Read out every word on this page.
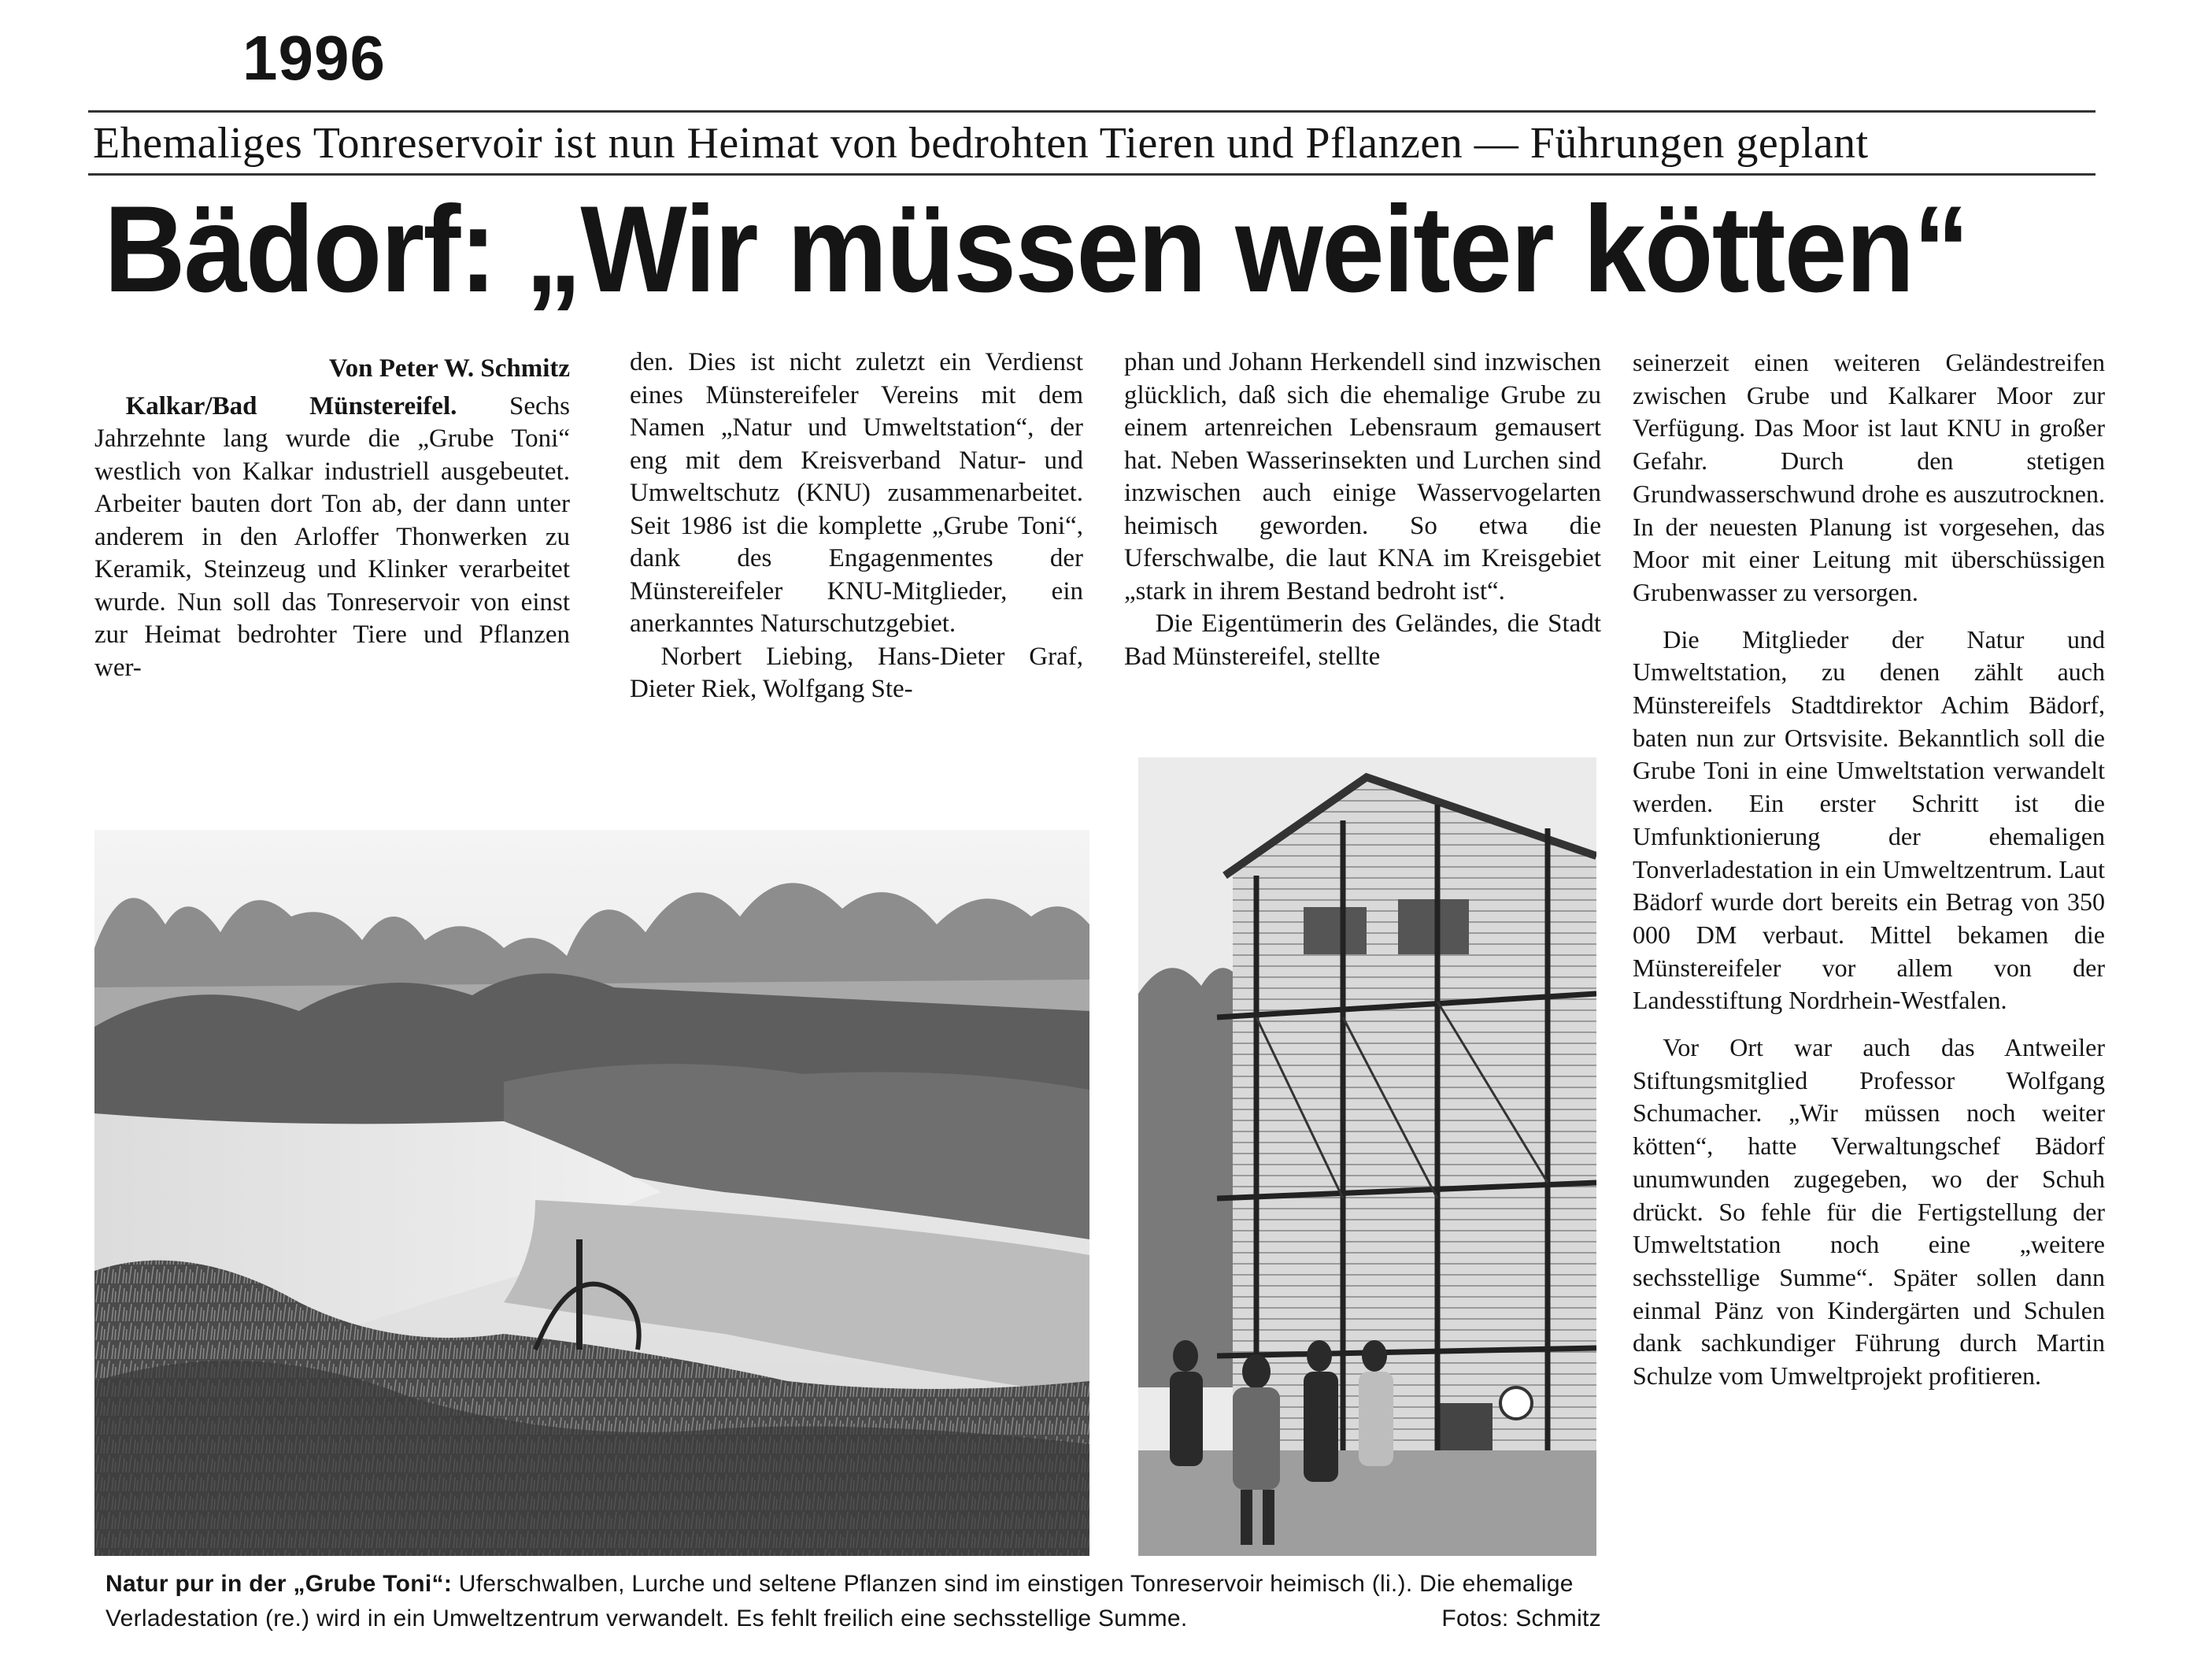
1996
Ehemaliges Tonreservoir ist nun Heimat von bedrohten Tieren und Pflanzen — Führungen geplant
Bädorf: „Wir müssen weiter kötten“
Von Peter W. Schmitz

Kalkar/Bad Münstereifel. Sechs Jahrzehnte lang wurde die „Grube Toni“ westlich von Kalkar industriell ausgebeutet. Arbeiter bauten dort Ton ab, der dann unter anderem in den Arloffer Thonwerken zu Keramik, Steinzeug und Klinker verarbeitet wurde. Nun soll das Tonreservoir von einst zur Heimat bedrohter Tiere und Pflanzen wer-

den. Dies ist nicht zuletzt ein Verdienst eines Münstereifeler Vereins mit dem Namen „Natur und Umweltstation“, der eng mit dem Kreisverband Natur- und Umweltschutz (KNU) zusammenarbeitet. Seit 1986 ist die komplette „Grube Toni“, dank des Engagenmentes der Münstereifeler KNU-Mitglieder, ein anerkanntes Naturschutzgebiet.

Norbert Liebing, Hans-Dieter Graf, Dieter Riek, Wolfgang Ste-

phan und Johann Herkendell sind inzwischen glücklich, daß sich die ehemalige Grube zu einem artenreichen Lebensraum gemausert hat. Neben Wasserinsekten und Lurchen sind inzwischen auch einige Wasservogelarten heimisch geworden. So etwa die Uferschwalbe, die laut KNA im Kreisgebiet „stark in ihrem Bestand bedroht ist“.

Die Eigentümerin des Geländes, die Stadt Bad Münstereifel, stellte

seinerzeit einen weiteren Geländestreifen zwischen Grube und Kalkarer Moor zur Verfügung. Das Moor ist laut KNU in großer Gefahr. Durch den stetigen Grundwasserschwund drohe es auszutrocknen. In der neuesten Planung ist vorgesehen, das Moor mit einer Leitung mit überschüssigen Grubenwasser zu versorgen.

Die Mitglieder der Natur und Umweltstation, zu denen zählt auch Münstereifels Stadtdirektor Achim Bädorf, baten nun zur Ortsvisite. Bekanntlich soll die Grube Toni in eine Umweltstation verwandelt werden. Ein erster Schritt ist die Umfunktionierung der ehemaligen Tonverladestation in ein Umweltzentrum. Laut Bädorf wurde dort bereits ein Betrag von 350 000 DM verbaut. Mittel bekamen die Münstereifeler vor allem von der Landesstiftung Nordrhein-Westfalen.

Vor Ort war auch das Antweiler Stiftungsmitglied Professor Wolfgang Schumacher. „Wir müssen noch weiter kötten“, hatte Verwaltungschef Bädorf unumwunden zugegeben, wo der Schuh drückt. So fehle für die Fertigstellung der Umweltstation noch eine „weitere sechsstellige Summe“. Später sollen dann einmal Pänz von Kindergärten und Schulen dank sachkundiger Führung durch Martin Schulze vom Umweltprojekt profitieren.

Natur pur in der „Grube Toni“: Uferschwalben, Lurche und seltene Pflanzen sind im einstigen Tonreservoir heimisch (li.). Die ehemalige Verladestation (re.) wird in ein Umweltzentrum verwandelt. Es fehlt freilich eine sechsstellige Summe.	Fotos: Schmitz
